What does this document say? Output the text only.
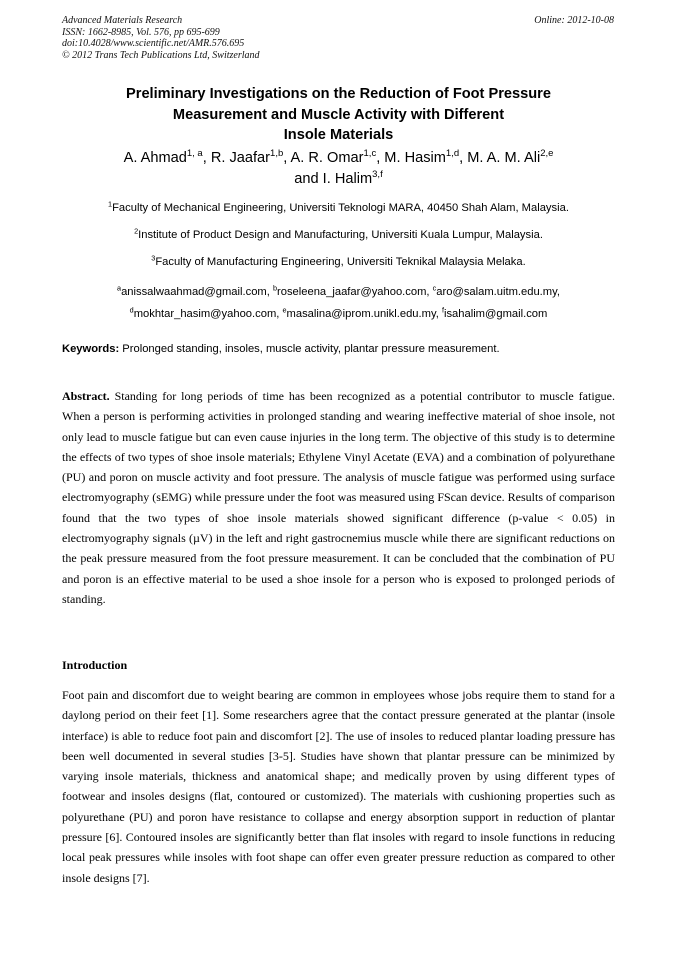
Advanced Materials Research
ISSN: 1662-8985, Vol. 576, pp 695-699
doi:10.4028/www.scientific.net/AMR.576.695
© 2012 Trans Tech Publications Ltd, Switzerland
Online: 2012-10-08
Preliminary Investigations on the Reduction of Foot Pressure
Measurement and Muscle Activity with Different
Insole Materials
A. Ahmad$^{1, a}$, R. Jaafar$^{1,b}$, A. R. Omar$^{1,c}$, M. Hasim$^{1,d}$, M. A. M. Ali$^{2,e}$
and I. Halim$^{3,f}$
$^1$Faculty of Mechanical Engineering, Universiti Teknologi MARA, 40450 Shah Alam, Malaysia.
$^2$Institute of Product Design and Manufacturing, Universiti Kuala Lumpur, Malaysia.
$^3$Faculty of Manufacturing Engineering, Universiti Teknikal Malaysia Melaka.
$^a$anissalwaahmad@gmail.com, $^b$roseleena_jaafar@yahoo.com, $^c$aro@salam.uitm.edu.my,
$^d$mokhtar_hasim@yahoo.com, $^e$masalina@iprom.unikl.edu.my, $^f$isahalim@gmail.com
Keywords: Prolonged standing, insoles, muscle activity, plantar pressure measurement.
Abstract. Standing for long periods of time has been recognized as a potential contributor to muscle fatigue. When a person is performing activities in prolonged standing and wearing ineffective material of shoe insole, not only lead to muscle fatigue but can even cause injuries in the long term. The objective of this study is to determine the effects of two types of shoe insole materials; Ethylene Vinyl Acetate (EVA) and a combination of polyurethane (PU) and poron on muscle activity and foot pressure. The analysis of muscle fatigue was performed using surface electromyography (sEMG) while pressure under the foot was measured using FScan device. Results of comparison found that the two types of shoe insole materials showed significant difference (p-value < 0.05) in electromyography signals (µV) in the left and right gastrocnemius muscle while there are significant reductions on the peak pressure measured from the foot pressure measurement. It can be concluded that the combination of PU and poron is an effective material to be used a shoe insole for a person who is exposed to prolonged periods of standing.
Introduction
Foot pain and discomfort due to weight bearing are common in employees whose jobs require them to stand for a daylong period on their feet [1]. Some researchers agree that the contact pressure generated at the plantar (insole interface) is able to reduce foot pain and discomfort [2]. The use of insoles to reduced plantar loading pressure has been well documented in several studies [3-5]. Studies have shown that plantar pressure can be minimized by varying insole materials, thickness and anatomical shape; and medically proven by using different types of footwear and insoles designs (flat, contoured or customized). The materials with cushioning properties such as polyurethane (PU) and poron have resistance to collapse and energy absorption support in reduction of plantar pressure [6]. Contoured insoles are significantly better than flat insoles with regard to insole functions in reducing local peak pressures while insoles with foot shape can offer even greater pressure reduction as compared to other insole designs [7].
